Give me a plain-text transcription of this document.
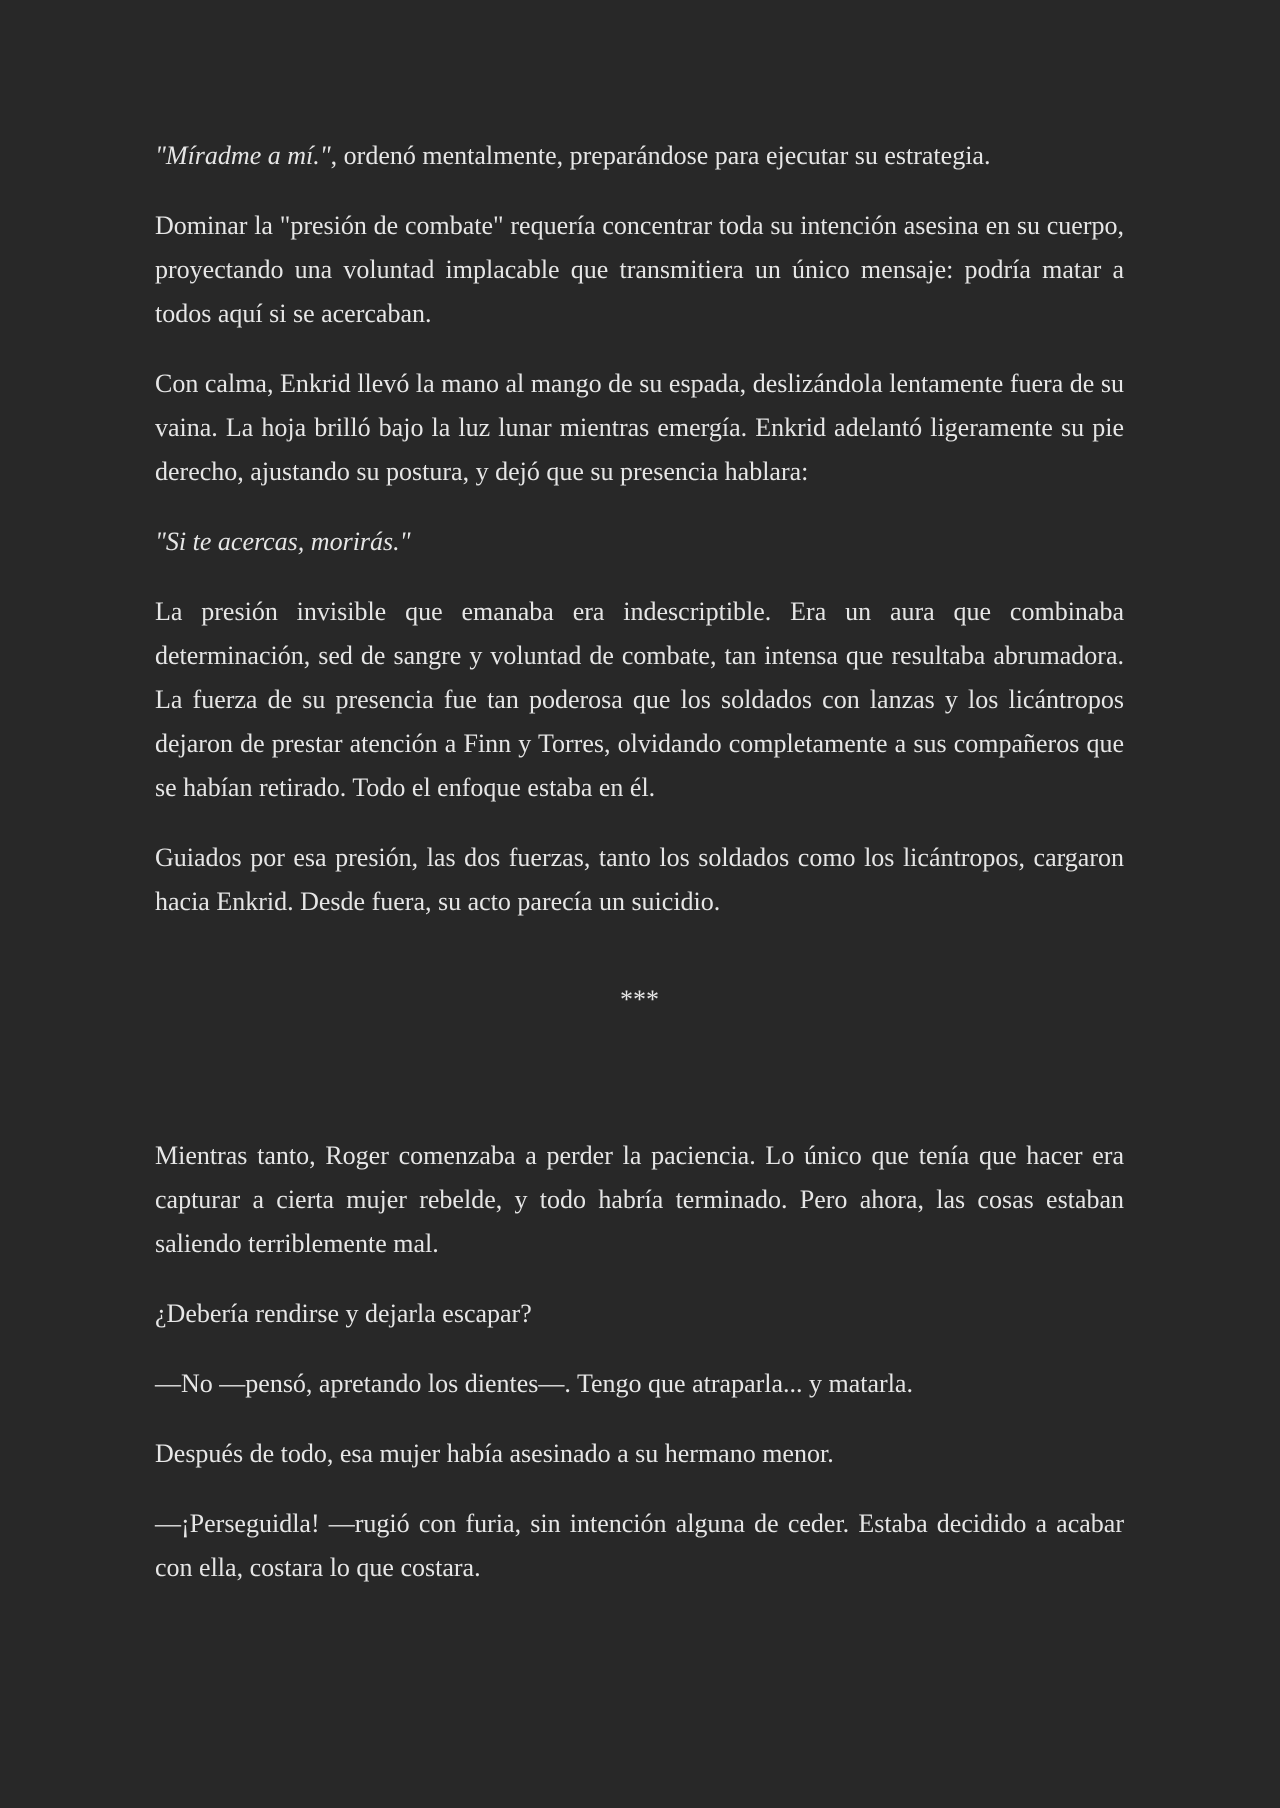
"Míradme a mí.", ordenó mentalmente, preparándose para ejecutar su estrategia.

Dominar la "presión de combate" requería concentrar toda su intención asesina en su cuerpo, proyectando una voluntad implacable que transmitiera un único mensaje: podría matar a todos aquí si se acercaban.

Con calma, Enkrid llevó la mano al mango de su espada, deslizándola lentamente fuera de su vaina. La hoja brilló bajo la luz lunar mientras emergía. Enkrid adelantó ligeramente su pie derecho, ajustando su postura, y dejó que su presencia hablara:

"Si te acercas, morirás."

La presión invisible que emanaba era indescriptible. Era un aura que combinaba determinación, sed de sangre y voluntad de combate, tan intensa que resultaba abrumadora. La fuerza de su presencia fue tan poderosa que los soldados con lanzas y los licántropos dejaron de prestar atención a Finn y Torres, olvidando completamente a sus compañeros que se habían retirado. Todo el enfoque estaba en él.

Guiados por esa presión, las dos fuerzas, tanto los soldados como los licántropos, cargaron hacia Enkrid. Desde fuera, su acto parecía un suicidio.

***

Mientras tanto, Roger comenzaba a perder la paciencia. Lo único que tenía que hacer era capturar a cierta mujer rebelde, y todo habría terminado. Pero ahora, las cosas estaban saliendo terriblemente mal.

¿Debería rendirse y dejarla escapar?

—No —pensó, apretando los dientes—. Tengo que atraparla... y matarla.

Después de todo, esa mujer había asesinado a su hermano menor.

—¡Perseguidla! —rugió con furia, sin intención alguna de ceder. Estaba decidido a acabar con ella, costara lo que costara.
